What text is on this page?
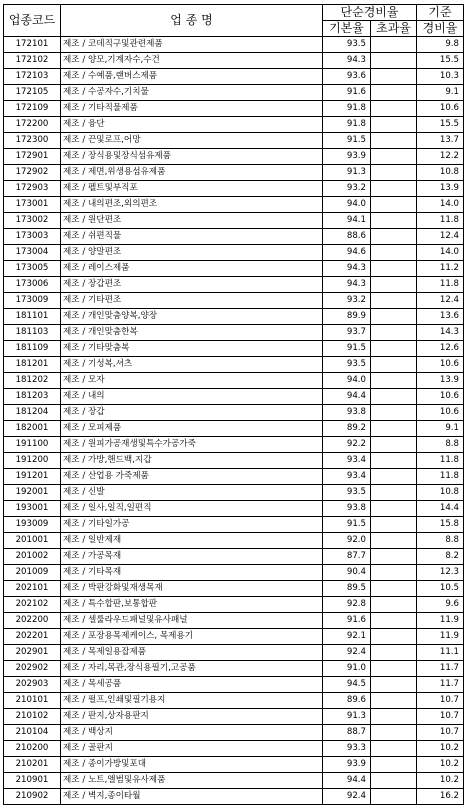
업종코드	업 종 명	단순경비율		기준
		기본율	초과율	경비율
172101	제조 / 코데직구및관련제품	93.5		9.8
172102	제조 / 양모,기계자수,수건	94.3		15.5
172103	제조 / 수예품,랜버스제품	93.6		10.3
172105	제조 / 수공자수,기치물	91.6		9.1
172109	제조 / 기타직물제품	91.8		10.6
172200	제조 / 융단	91.8		15.5
172300	제조 / 끈및로프,어망	91.5		13.7
172901	제조 / 장식용및장식섬유제품	93.9		12.2
172902	제조 / 제면,위생용섬유제품	91.3		10.8
172903	제조 / 펠트및부직포	93.2		13.9
173001	제조 / 내의편조,외의편조	94.0		14.0
173002	제조 / 원단편조	94.1		11.8
173003	제조 / 쉬편직물	88.6		12.4
173004	제조 / 양말편조	94.6		14.0
173005	제조 / 레이스제품	94.3		11.2
173006	제조 / 장갑편조	94.3		11.8
173009	제조 / 기타편조	93.2		12.4
181101	제조 / 개인맞춤양복,양장	89.9		13.6
181103	제조 / 개인맞춤한복	93.7		14.3
181109	제조 / 기타맞춤복	91.5		12.6
181201	제조 / 기성복,셔츠	93.5		10.6
181202	제조 / 모자	94.0		13.9
181203	제조 / 내의	94.4		10.6
181204	제조 / 장갑	93.8		10.6
182001	제조 / 모피제품	89.2		9.1
191100	제조 / 원피가공재생및특수가공가죽	92.2		8.8
191200	제조 / 가방,핸드백,지갑	93.4		11.8
191201	제조 / 산업용 가죽제품	93.4		11.8
192001	제조 / 신발	93.5		10.8
193001	제조 / 일사,일직,일편직	93.8		14.4
193009	제조 / 기타일가공	91.5		15.8
201001	제조 / 일반제재	92.0		8.8
201002	제조 / 가공목재	87.7		8.2
201009	제조 / 기타목재	90.4		12.3
202101	제조 / 박판강화및재생목재	89.5		10.5
202102	제조 / 특수합판,보통합판	92.8		9.6
202200	제조 / 셀룰라우드패널및유사패널	91.6		11.9
202201	제조 / 포장용목제케이스, 목제용기	92.1		11.9
202901	제조 / 목제일용잡제품	92.4		11.1
202902	제조 / 자리,목관,장식용필기,고공품	91.0		11.7
202903	제조 / 목세공품	94.5		11.7
210101	제조 / 펄프,인쇄및필기용지	89.6		10.7
210102	제조 / 판지,상자용판지	91.3		10.7
210104	제조 / 백상지	88.7		10.7
210200	제조 / 골판지	93.3		10.2
210201	제조 / 종이가방및포대	93.9		10.2
210901	제조 / 노트,앨범및유사제품	94.4		10.2
210902	제조 / 벽지,종이타월	92.4		16.2
